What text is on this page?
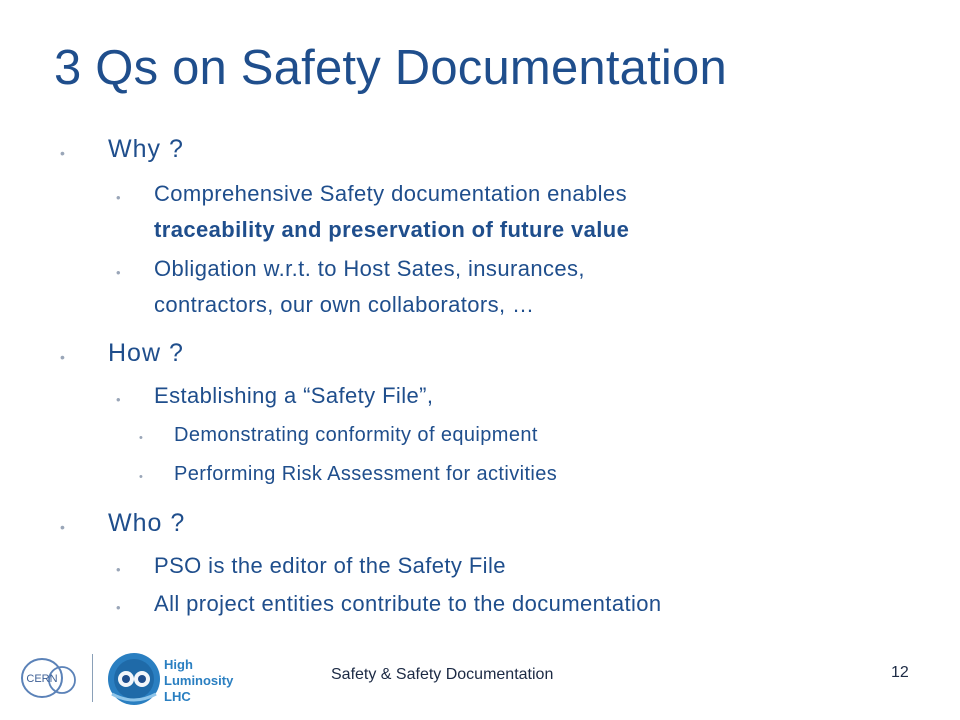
3 Qs on Safety Documentation
• Why ?
• Comprehensive Safety documentation enables
traceability and preservation of future value
• Obligation w.r.t. to Host Sates, insurances,
contractors, our own collaborators, …
• How ?
• Establishing a “Safety File”,
• Demonstrating conformity of equipment
• Performing Risk Assessment for activities
• Who ?
• PSO is the editor of the Safety File
• All project entities contribute to the documentation
CERN
High
Luminosity
LHC
Safety & Safety Documentation	12
